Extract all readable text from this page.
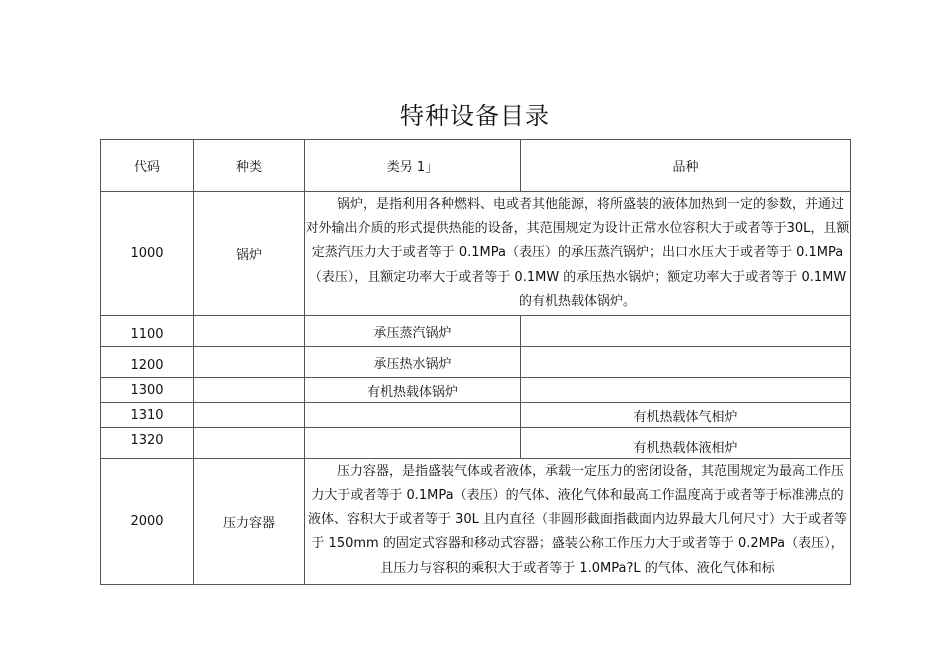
特种设备目录
代码	种类	类另 1」	品种
1000	锅炉	锅炉，是指利用各种燃料、电或者其他能源，将所盛装的液体加热到一定的参数，并通过对外输出介质的形式提供热能的设备，其范围规定为设计正常水位容积大于或者等于30L，且额定蒸汽压力大于或者等于 0.1MPa（表压）的承压蒸汽锅炉；出口水压大于或者等于 0.1MPa（表压），且额定功率大于或者等于 0.1MW 的承压热水锅炉；额定功率大于或者等于 0.1MW 的有机热载体锅炉。	

1100		承压蒸汽锅炉	
1200		承压热水锅炉	
1300		有机热载体锅炉	
1310			有机热载体气相炉
1320			有机热载体液相炉
2000	压力容器	压力容器，是指盛装气体或者液体，承载一定压力的密闭设备，其范围规定为最高工作压力大于或者等于 0.1MPa（表压）的气体、液化气体和最高工作温度高于或者等于标准沸点的液体、容积大于或者等于 30L 且内直径（非圆形截面指截面内边界最大几何尺寸）大于或者等于 150mm 的固定式容器和移动式容器；盛装公称工作压力大于或者等于 0.2MPa（表压），且压力与容积的乘积大于或者等于 1.0MPa?L 的气体、液化气体和标	
